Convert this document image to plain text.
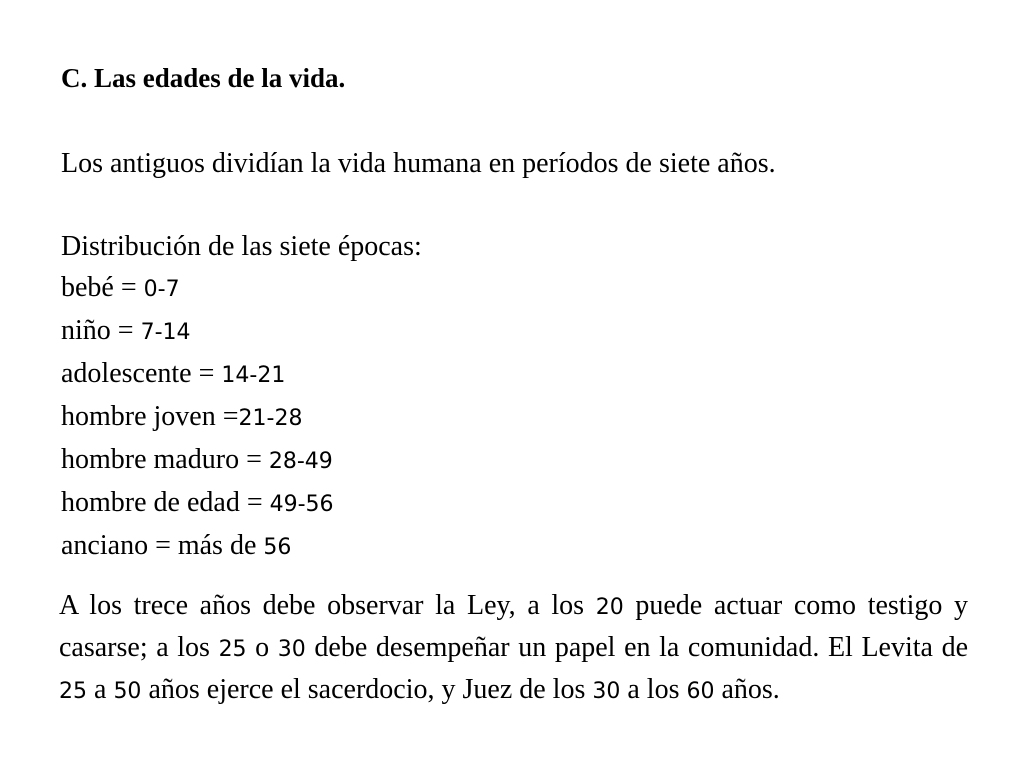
C. Las edades de la vida.
Los antiguos dividían la vida humana en períodos de siete años.
Distribución de las siete épocas:
bebé = 0-7
niño = 7-14
adolescente = 14-21
hombre joven =21-28
hombre maduro = 28-49
hombre de edad = 49-56
anciano = más de 56
A los trece años debe observar la Ley, a los 20 puede actuar como testigo y casarse; a los 25 o 30 debe desempeñar un papel en la comunidad. El Levita de 25 a 50 años ejerce el sacerdocio, y Juez de los 30 a los 60 años.
